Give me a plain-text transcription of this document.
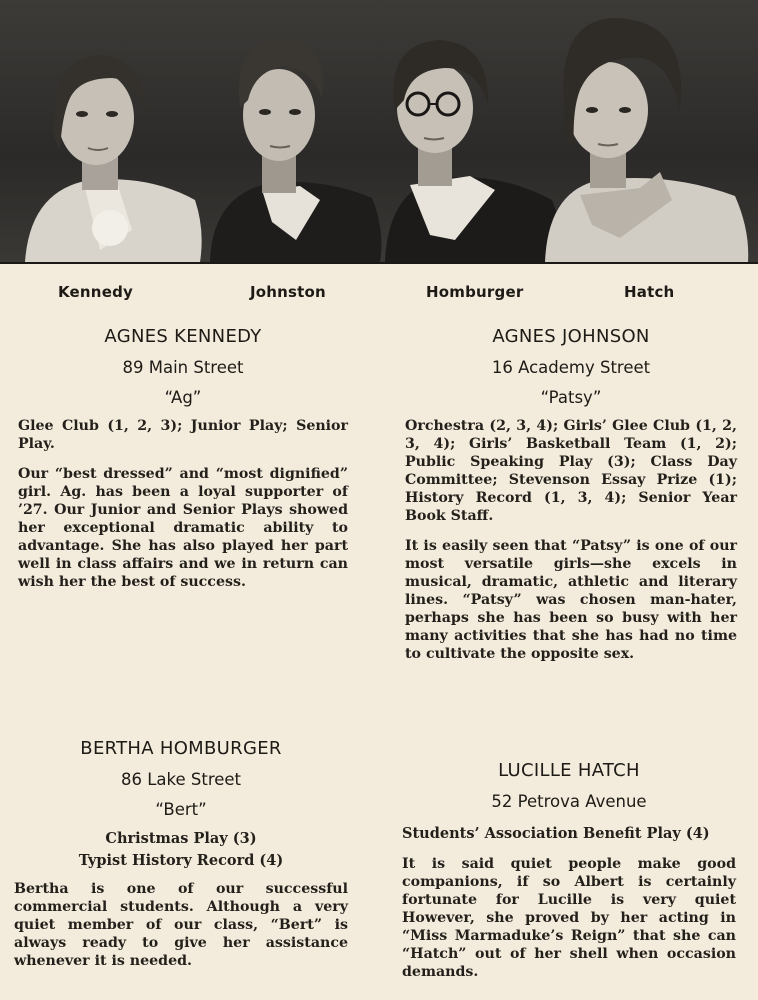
Kennedy	Johnston	Homburger	Hatch
AGNES KENNEDY
89 Main Street
“Ag”
Glee Club (1, 2, 3); Junior Play; Senior Play.
Our “best dressed” and “most dignified” girl. Ag. has been a loyal supporter of ’27. Our Junior and Senior Plays showed her exceptional dramatic ability to advantage. She has also played her part well in class affairs and we in return can wish her the best of success.
AGNES JOHNSON
16 Academy Street
“Patsy”
Orchestra (2, 3, 4); Girls’ Glee Club (1, 2, 3, 4); Girls’ Basketball Team (1, 2); Public Speaking Play (3); Class Day Committee; Stevenson Essay Prize (1); History Record (1, 3, 4); Senior Year Book Staff.
It is easily seen that “Patsy” is one of our most versatile girls—she excels in musical, dramatic, athletic and literary lines. “Patsy” was chosen man-hater, perhaps she has been so busy with her many activities that she has had no time to cultivate the opposite sex.
BERTHA HOMBURGER
86 Lake Street
“Bert”
Christmas Play (3)
Typist History Record (4)
Bertha is one of our successful commercial students. Although a very quiet member of our class, “Bert” is always ready to give her assistance whenever it is needed.
LUCILLE HATCH
52 Petrova Avenue
Students’ Association Benefit Play (4)
It is said quiet people make good companions, if so Albert is certainly fortunate for Lucille is very quiet However, she proved by her acting in “Miss Marmaduke’s Reign” that she can “Hatch” out of her shell when occasion demands.
